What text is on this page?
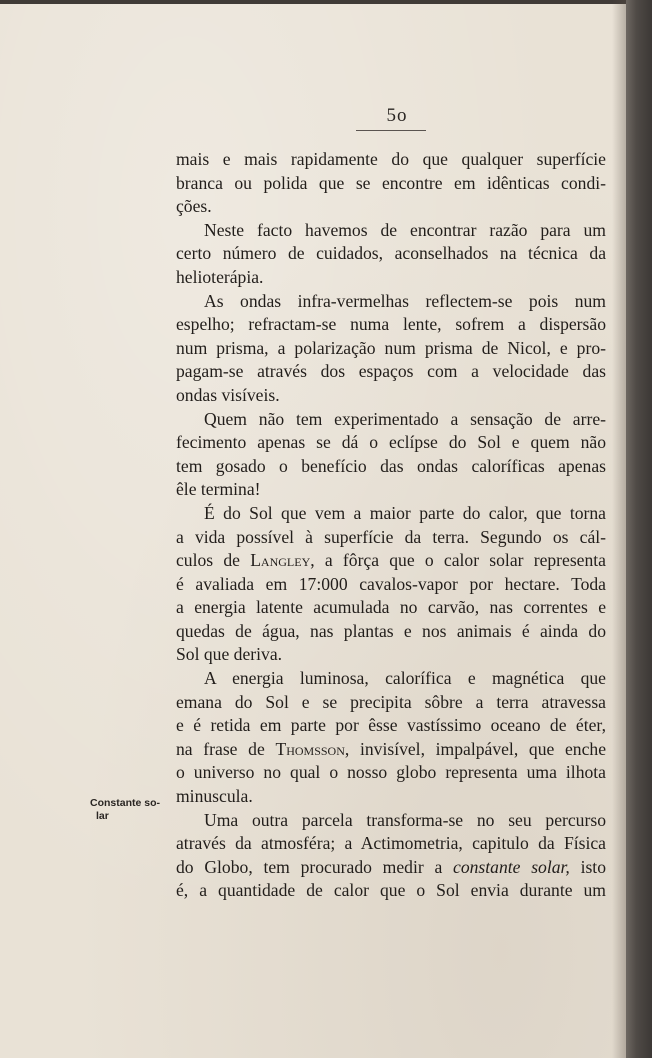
5o
Constante so-
lar
mais e mais rapidamente do que qualquer superfície
branca ou polida que se encontre em idênticas condi-
ções.
Neste facto havemos de encontrar razão para um
certo número de cuidados, aconselhados na técnica da
helioterápia.
As ondas infra-vermelhas reflectem-se pois num
espelho; refractam-se numa lente, sofrem a dispersão
num prisma, a polarização num prisma de Nicol, e pro-
pagam-se através dos espaços com a velocidade das
ondas visíveis.
Quem não tem experimentado a sensação de arre-
fecimento apenas se dá o eclípse do Sol e quem não
tem gosado o benefício das ondas caloríficas apenas
êle termina!
É do Sol que vem a maior parte do calor, que torna
a vida possível à superfície da terra. Segundo os cál-
culos de Langley, a fôrça que o calor solar representa
é avaliada em 17:000 cavalos-vapor por hectare. Toda
a energia latente acumulada no carvão, nas correntes e
quedas de água, nas plantas e nos animais é ainda do
Sol que deriva.
A energia luminosa, calorífica e magnética que
emana do Sol e se precipita sôbre a terra atravessa
e é retida em parte por êsse vastíssimo oceano de éter,
na frase de Thomsson, invisível, impalpável, que enche
o universo no qual o nosso globo representa uma ilhota
minuscula.
Uma outra parcela transforma-se no seu percurso
através da atmosféra; a Actimometria, capitulo da Física
do Globo, tem procurado medir a constante solar, isto
é, a quantidade de calor que o Sol envia durante um
